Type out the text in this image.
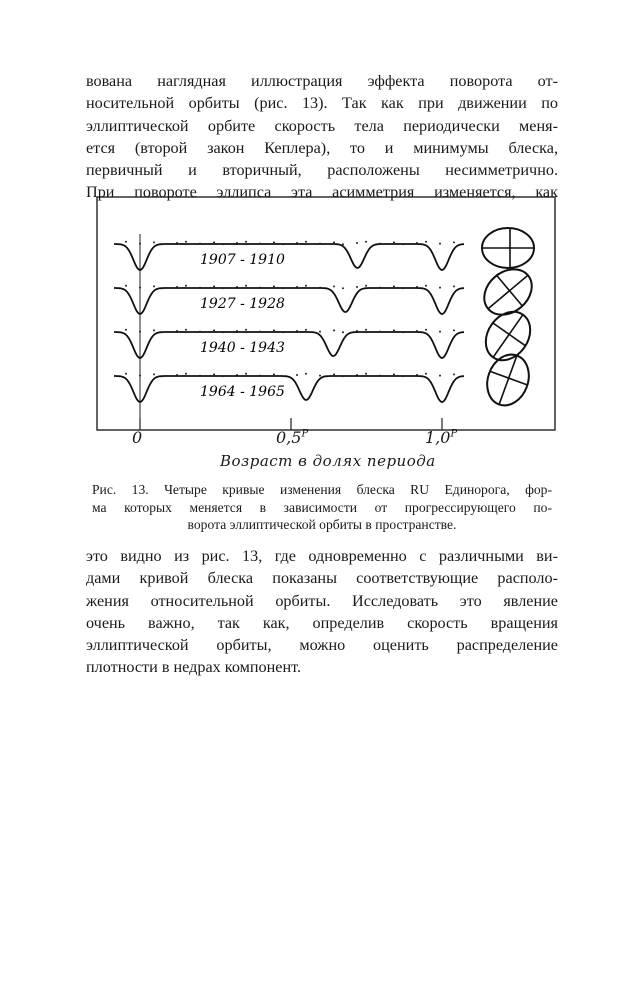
вована наглядная иллюстрация эффекта поворота от-
носительной орбиты (рис. 13). Так как при движении по
эллиптической орбите скорость тела периодически меня-
ется (второй закон Кеплера), то и минимумы блеска,
первичный и вторичный, расположены несимметрично.
При повороте эллипса эта асимметрия изменяется, как
1907 - 1910
1927 - 1928
1940 - 1943
1964 - 1965
0	$0,5^P$	$1,0^P$
Возраст в долях периода
Рис. 13. Четыре кривые изменения блеска RU Единорога, фор-
ма которых меняется в зависимости от прогрессирующего по-
ворота эллиптической орбиты в пространстве.
это видно из рис. 13, где одновременно с различными ви-
дами кривой блеска показаны соответствующие располо-
жения относительной орбиты. Исследовать это явление
очень важно, так как, определив скорость вращения
эллиптической орбиты, можно оценить распределение
плотности в недрах компонент.
